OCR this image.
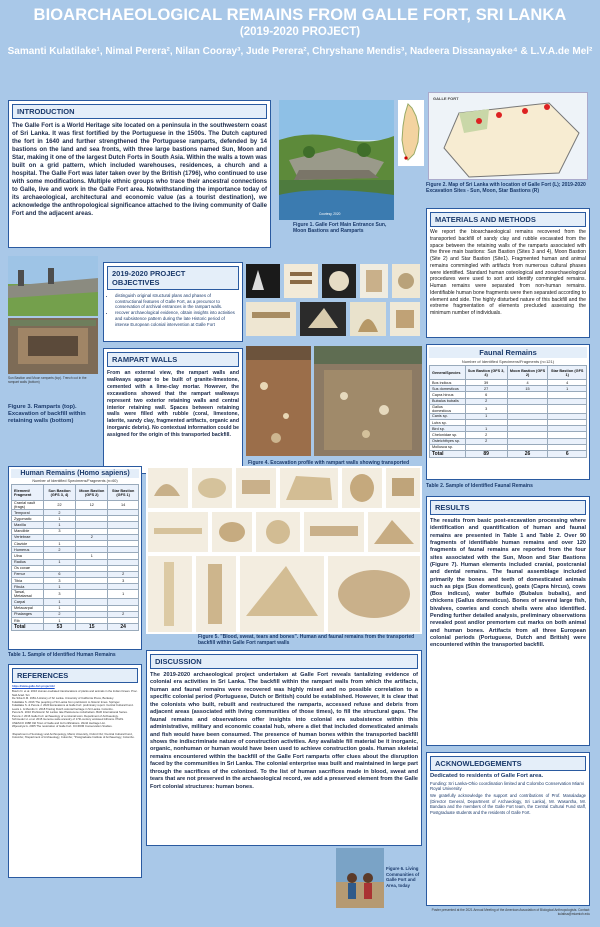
BIOARCHAEOLOGICAL REMAINS FROM GALLE FORT, SRI LANKA
(2019-2020 PROJECT)
Samanti Kulatilake¹, Nimal Perera², Nilan Cooray³, Jude Perera², Chryshane Mendis³, Nadeera Dissanayake⁴ & L.V.A.de Mel²
INTRODUCTION
The Galle Fort is a World Heritage site located on a peninsula in the southwestern coast of Sri Lanka. It was first fortified by the Portuguese in the 1500s. The Dutch captured the fort in 1640 and further strengthened the Portuguese ramparts, defended by 14 bastions on the land and sea fronts, with three large bastions named Sun, Moon and Star, making it one of the largest Dutch Forts in South Asia. Within the walls a town was built on a grid pattern, which included warehouses, residences, a church and a hospital. The Galle Fort was later taken over by the British (1796), who continued to use with some modifications. Multiple ethnic groups who trace their ancestral connections to Galle, live and work in the Galle Fort area. Notwithstanding the importance today of its archaeological, architectural and economic value (as a tourist destination), we acknowledge the anthropological significance attached to the living community of Galle Fort and the adjacent areas.	Courtesy, 2020
Figure 1. Galle Fort Main Entrance Sun, Moon Bastions and Ramparts
GALLE FORT
Figure 2. Map of Sri Lanka with location of Galle Fort (L); 2019-2020 Excavation Sites - Sun, Moon, Star Bastions (R)
MATERIALS AND METHODS
We report the bioarchaeological remains recovered from the transported backfill of sandy clay and rubble excavated from the space between the retaining walls of the ramparts associated with the three main bastions: Sun Bastion (Sites 3 and 4), Moon Bastion (Site 2) and Star Bastion (Site1). Fragmented human and animal remains commingled with artifacts from numerous cultural phases were identified. Standard human osteological and zooarchaeological procedures were used to sort and identify commingled remains. Human remains were separated from non-human remains. Identifiable human bone fragments were then separated according to element and side. The highly disturbed nature of this backfill and the extreme fragmentation of elements precluded assessing the minimum number of individuals.
Sun Bastion and Moon ramparts (top). Trench cut in the rampart walls (bottom)
Figure 3. Ramparts (top). Excavation of backfill within retaining walls (bottom)
2019-2020 PROJECT OBJECTIVES
• distinguish original structural plans and phases of constructional features of Galle Fort, as a precursor to conservation of archival entrances in the rampart walls.
• recover archaeological evidence, obtain insights into activities and subsistence pattern during the late Historic period of intense European colonial intervention at Galle Fort
RAMPART WALLS
From an external view, the rampart walls and walkways appear to be built of granite-limestone, cemented with a lime-clay mortar. However, the excavations showed that the rampart walkways represent two exterior retaining walls and central interior retaining wall. Spaces between retaining walls were filled with rubble (coral, limestone, laterite, sandy clay, fragmented artifacts, organic and inorganic debris). No contextual information could be assigned for the origin of this transported backfill.
Figure 4. Excavation profile with rampart walls showing transported
Faunal Remains
Number of Identified Specimens/Fragments (n=121)
Genera/Species	Sun Bastion (GFS 3, 4)	Moon Bastion (GFS 2)	Star Bastion (GFS 1)
Bos indicus	39	4	4
Sus domesticus	27	15	1
Capra hircus	6		
Bubalus bubalis	2		
Gallus domesticus	3		
Canis sp.	1		
Lutra sp.			
Bird sp.	1		
Chelonidae sp.	2		
Osteichthyes sp.	2		
Mollusca sp.			
Total	89	26	6
Table 2. Sample of Identified Faunal Remains
Human Remains (Homo sapiens)
Number of Identified Specimens/Fragments (n=60)
Element/ Fragment	Sun Bastion (GFS 3, 4)	Moon Bastion (GFS 2)	Star Bastion (GFS 1)
Cranial vault (frags)	22	12	14
Temporal	2		
Zygomatic	1		
Maxilla	1		
Mandible	3		
Vertebrae		2	
Clavicle	1		
Humerus	2		
Ulna		1	
Radius	1		
Os coxae			
Femur	6		2
Tibia	3		3
Fibula	1		
Tarsal, Metatarsal	3		1
Carpal	1		
Metacarpal	1		
Phalanges	2		2
Rib	1		
Total	53	15	24
Table 1. Sample of Identified Human Remains
Figure 5. "Blood, sweat, tears and bones". Human and faunal remains from the transported backfill within Galle Fort rampart walls
RESULTS
The results from basic post-excavation processing where identification and quantification of human and faunal remains are presented in Table 1 and Table 2. Over 90 fragments of identifiable human remains and over 120 fragments of faunal remains are reported from the four sites associated with the Sun, Moon and Star Bastions (Figure 7). Human elements included cranial, postcranial and dental remains. The faunal assemblage included primarily the bones and teeth of domesticated animals such as pigs (Sus domesticus), goats (Capra hircus), cows (Bos indicus), water buffalo (Bubalus bubalis), and chickens (Gallus domesticus). Bones of several large fish, bivalves, cowries and conch shells were also identified. Pending further detailed analysis, preliminary observations revealed post and/or premortem cut marks on both animal and human bones. Artifacts from all three European colonial periods (Portuguese, Dutch and British) were encountered within the transported backfill.
REFERENCES
https://www.galle-fort-project.lk/
Boivin N. et al. 2016 Human-mediated translocations of plants and animals in the Indian Ocean. Proc. Natl Acad. Sci.
De Silva K.M. 1981 A History of Sri Lanka. University of California Press, Berkeley.
Kulatilake S. 2016 The peopling of Sri Lanka from prehistoric to historic times. Springer.
Kulatilake S. & Perera J. 2020 Excavations at Galle Fort: preliminary report. Central Cultural Fund.
Lewis L. & Mendis C. 2018 Tracing Dutch colonial heritage in Sri Lanka. Colombo.
Perera N. 2010 Prehistoric Sri Lanka: late Pleistocene rockshelters. BAR International Series.
Perera J. 2016 Galle Fort: archaeology of a colonial town. Department of Archaeology.
Schroeder H. et al. 2015 Genome-wide ancestry of 17th-century enslaved Africans. PNAS.
UNESCO 1988 Old Town of Galle and its Fortifications. World Heritage List.
Wijesuriya G. 2005 The restoration of Galle Fort. ICCROM Conservation Studies.
¹Department of Sociology and Anthropology, Miami University, Oxford OH; ²Central Cultural Fund, Colombo; ³Department of Archaeology, Colombo; ⁴Postgraduate Institute of Archaeology, Colombo.
DISCUSSION
The 2019-2020 archaeological project undertaken at Galle Fort reveals tantalizing evidence of colonial era activities in Sri Lanka. The backfill within the rampart walls from which the artifacts, human and faunal remains were recovered was highly mixed and no possible correlation to a specific colonial period (Portuguese, Dutch or British) could be established. However, it is clear that the colonists who built, rebuilt and restructured the ramparts, accessed refuse and debris from adjacent areas (associated with living communities of those times), to fill the structural gaps. The faunal remains and observations offer insights into colonial era subsistence within this administrative, military and economic coastal hub, where a diet that included domesticated animals and fish would have been consumed. The presence of human bones within the transported backfill shows the indiscriminate nature of construction activities. Any available fill material be it inorganic, organic, nonhuman or human would have been used to achieve construction goals. Human skeletal remains encountered within the backfill of the Galle Fort ramparts offer clues about the disruption faced by the communities in Sri Lanka. The colonial enterprise was built and maintained in large part through the sacrifices of the colonized. To the list of human sacrifices made in blood, sweat and tears that are not preserved in the archaeological record, we add a preserved element from the Galle Fort colonial structures: human bones.
Figure 6. Living Communities of Galle Fort and Area, today
ACKNOWLEDGEMENTS
Dedicated to residents of Galle Fort area.
Funding: Sri Lanka-Ohio coordination limited and Colombo Conservation Miami Royal University
We gratefully acknowledge the support and contributions of Prof. Manaladage (Director General, Department of Archaeology, Sri Lanka), Mr. Wasantha, Mr. Bandara and the members of the Galle Fort team, the Central Cultural Fund staff, Postgraduate students and the residents of Galle Fort.
Poster presented at the 2021 Annual Meeting of the American Association of Biological Anthropologists. Contact: kulatisa@miamioh.edu
